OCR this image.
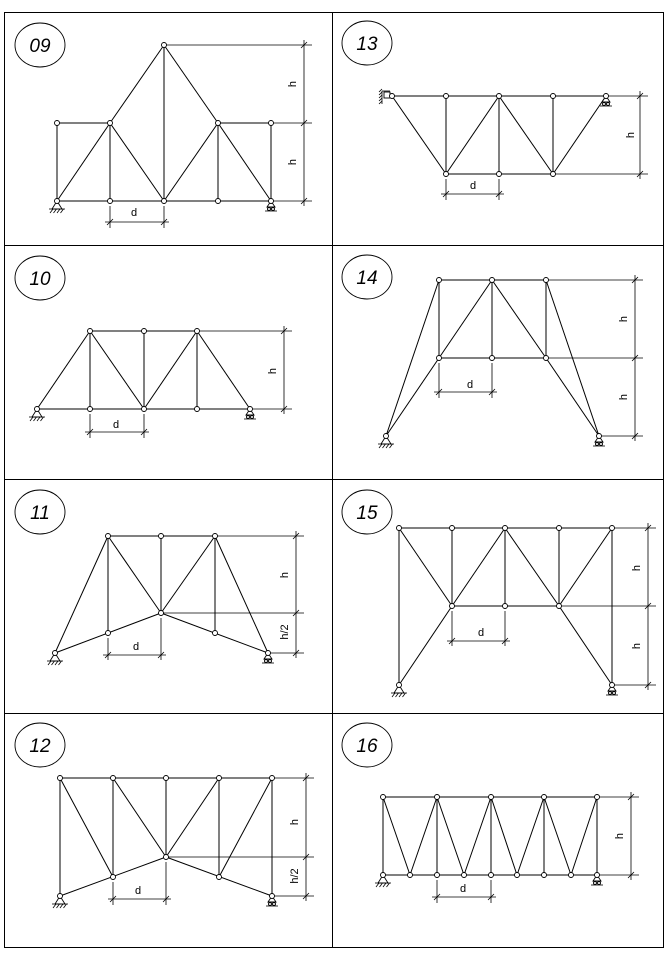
09	13
10	14
11	15
12	16
d
h
h
d
h
d
h
d
h
h
d
h
h/2	d
h
h
d
h
h/2
d
h
